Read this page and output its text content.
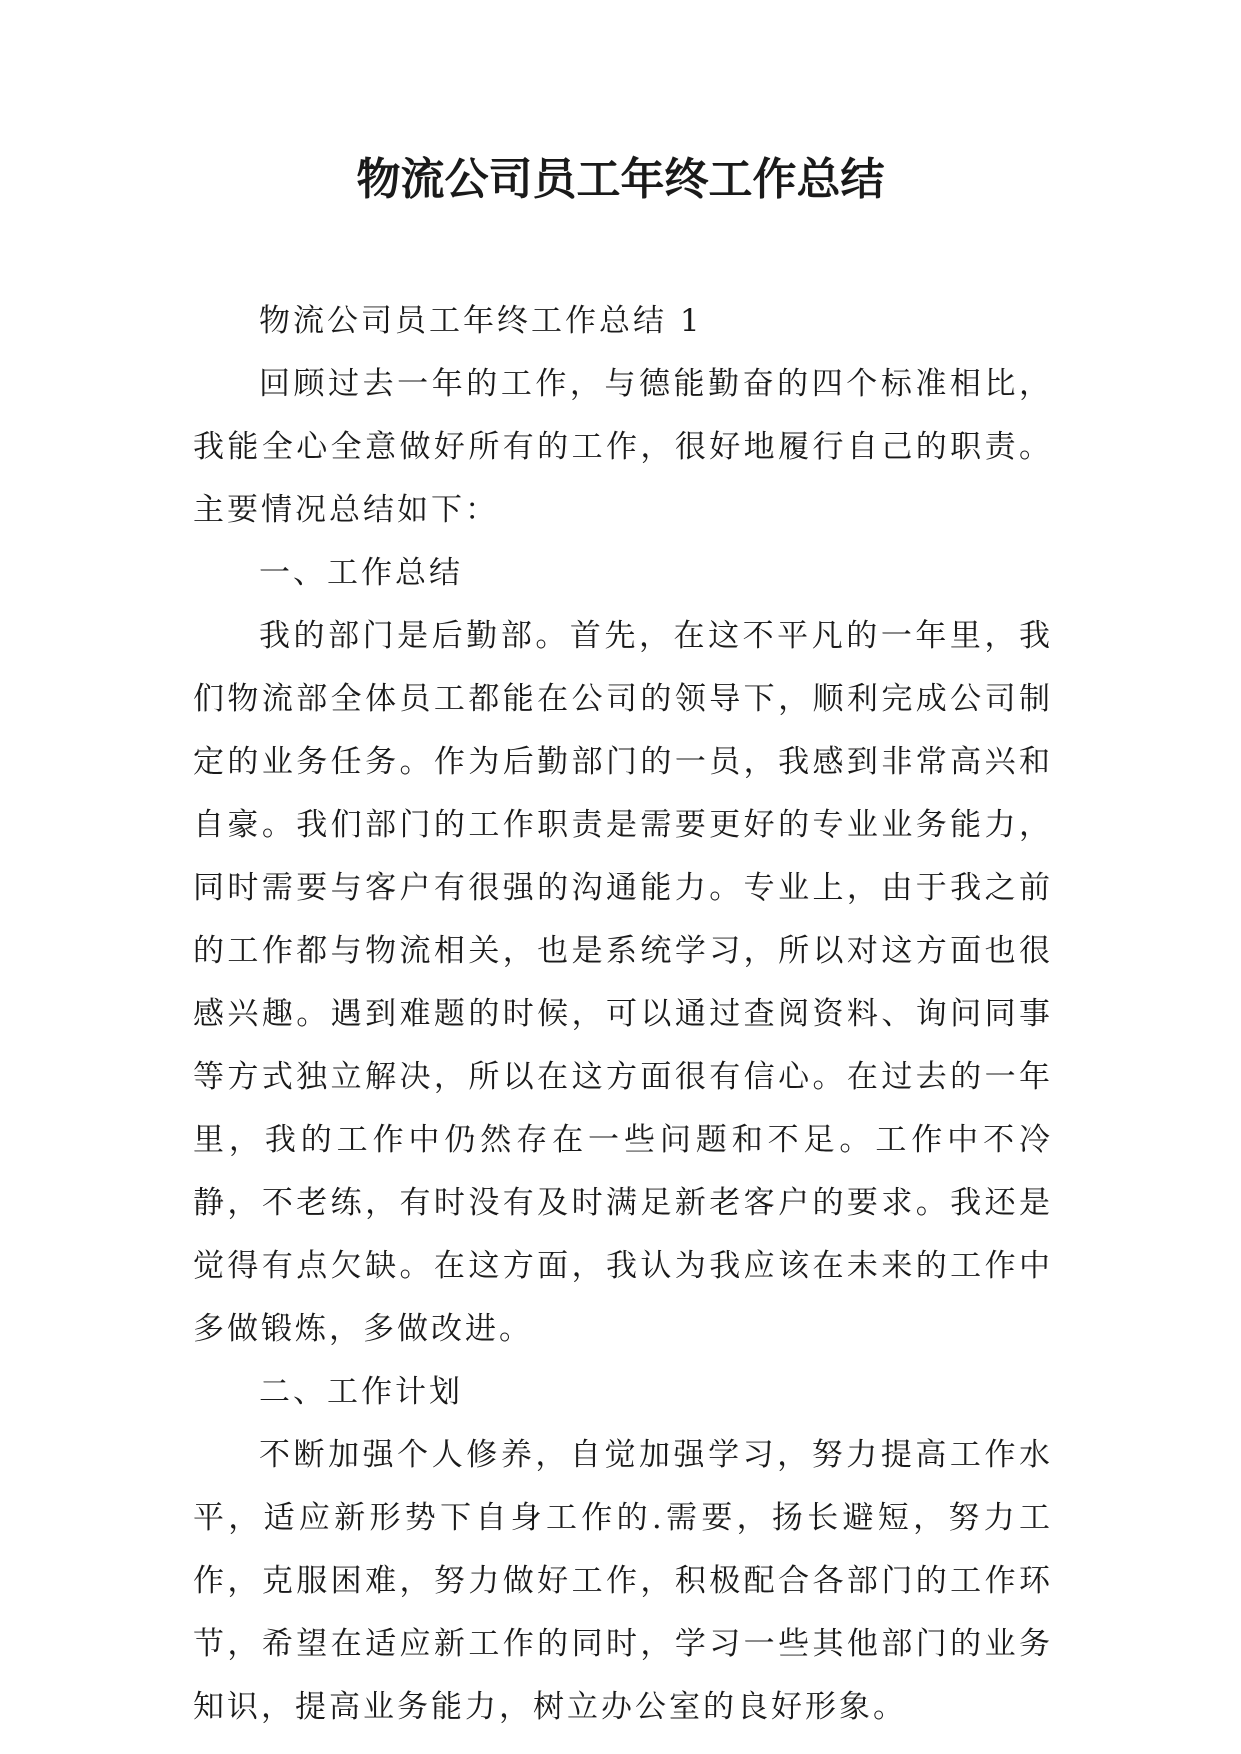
物流公司员工年终工作总结

物流公司员工年终工作总结 1

回顾过去一年的工作，与德能勤奋的四个标准相比，我能全心全意做好所有的工作，很好地履行自己的职责。主要情况总结如下：

一、工作总结

我的部门是后勤部。首先，在这不平凡的一年里，我们物流部全体员工都能在公司的领导下，顺利完成公司制定的业务任务。作为后勤部门的一员，我感到非常高兴和自豪。我们部门的工作职责是需要更好的专业业务能力，同时需要与客户有很强的沟通能力。专业上，由于我之前的工作都与物流相关，也是系统学习，所以对这方面也很感兴趣。遇到难题的时候，可以通过查阅资料、询问同事等方式独立解决，所以在这方面很有信心。在过去的一年里，我的工作中仍然存在一些问题和不足。工作中不冷静，不老练，有时没有及时满足新老客户的要求。我还是觉得有点欠缺。在这方面，我认为我应该在未来的工作中多做锻炼，多做改进。

二、工作计划

不断加强个人修养，自觉加强学习，努力提高工作水平，适应新形势下自身工作的.需要，扬长避短，努力工作，克服困难，努力做好工作，积极配合各部门的工作环节，希望在适应新工作的同时，学习一些其他部门的业务知识，提高业务能力，树立办公室的良好形象。
